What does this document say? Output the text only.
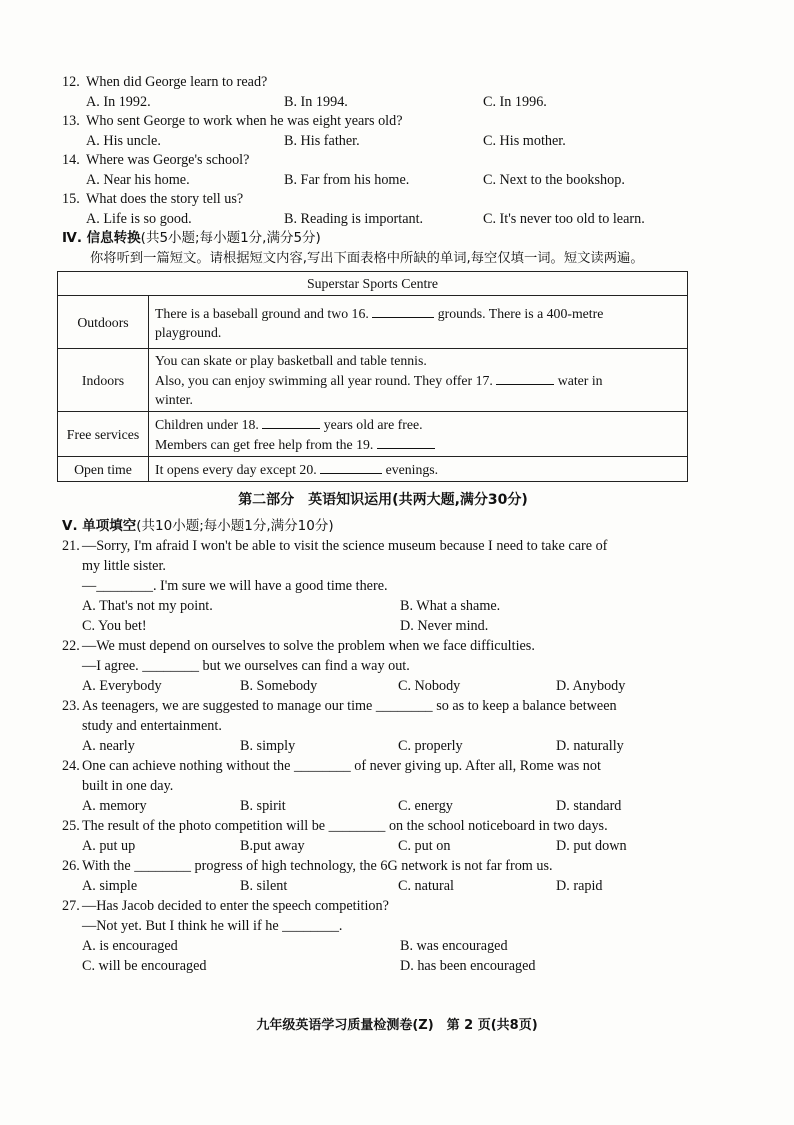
12. When did George learn to read?
A. In 1992.	B. In 1994.	C. In 1996.
13. Who sent George to work when he was eight years old?
A. His uncle.	B. His father.	C. His mother.
14. Where was George's school?
A. Near his home.	B. Far from his home.	C. Next to the bookshop.
15. What does the story tell us?
A. Life is so good.	B. Reading is important.	C. It's never too old to learn.
Ⅳ. 信息转换(共5小题;每小题1分,满分5分)
你将听到一篇短文。请根据短文内容,写出下面表格中所缺的单词,每空仅填一词。短文读两遍。
Superstar Sports Centre	
Outdoors	There is a baseball ground and two 16. grounds. There is a 400-metre
playground.

Indoors	You can skate or play basketball and table tennis.
Also, you can enjoy swimming all year round. They offer 17. water in
winter.

Free services	Children under 18. years old are free.
Members can get free help from the 19.

Open time	It opens every day except 20. evenings.
第二部分　英语知识运用(共两大题,满分30分)
Ⅴ. 单项填空(共10小题;每小题1分,满分10分)
21. —Sorry, I'm afraid I won't be able to visit the science museum because I need to take care of
my little sister.
—________. I'm sure we will have a good time there.
A. That's not my point.	B. What a shame.
C. You bet!	D. Never mind.
22. —We must depend on ourselves to solve the problem when we face difficulties.
—I agree. ________ but we ourselves can find a way out.
A. Everybody	B. Somebody	C. Nobody	D. Anybody
23. As teenagers, we are suggested to manage our time ________ so as to keep a balance between
study and entertainment.
A. nearly	B. simply	C. properly	D. naturally
24. One can achieve nothing without the ________ of never giving up. After all, Rome was not
built in one day.
A. memory	B. spirit	C. energy	D. standard
25. The result of the photo competition will be ________ on the school noticeboard in two days.
A. put up	B.put away	C. put on	D. put down
26. With the ________ progress of high technology, the 6G network is not far from us.
A. simple	B. silent	C. natural	D. rapid
27. —Has Jacob decided to enter the speech competition?
—Not yet. But I think he will if he ________.
A. is encouraged	B. was encouraged
C. will be encouraged	D. has been encouraged
九年级英语学习质量检测卷(Z)　第 2 页(共8页)
